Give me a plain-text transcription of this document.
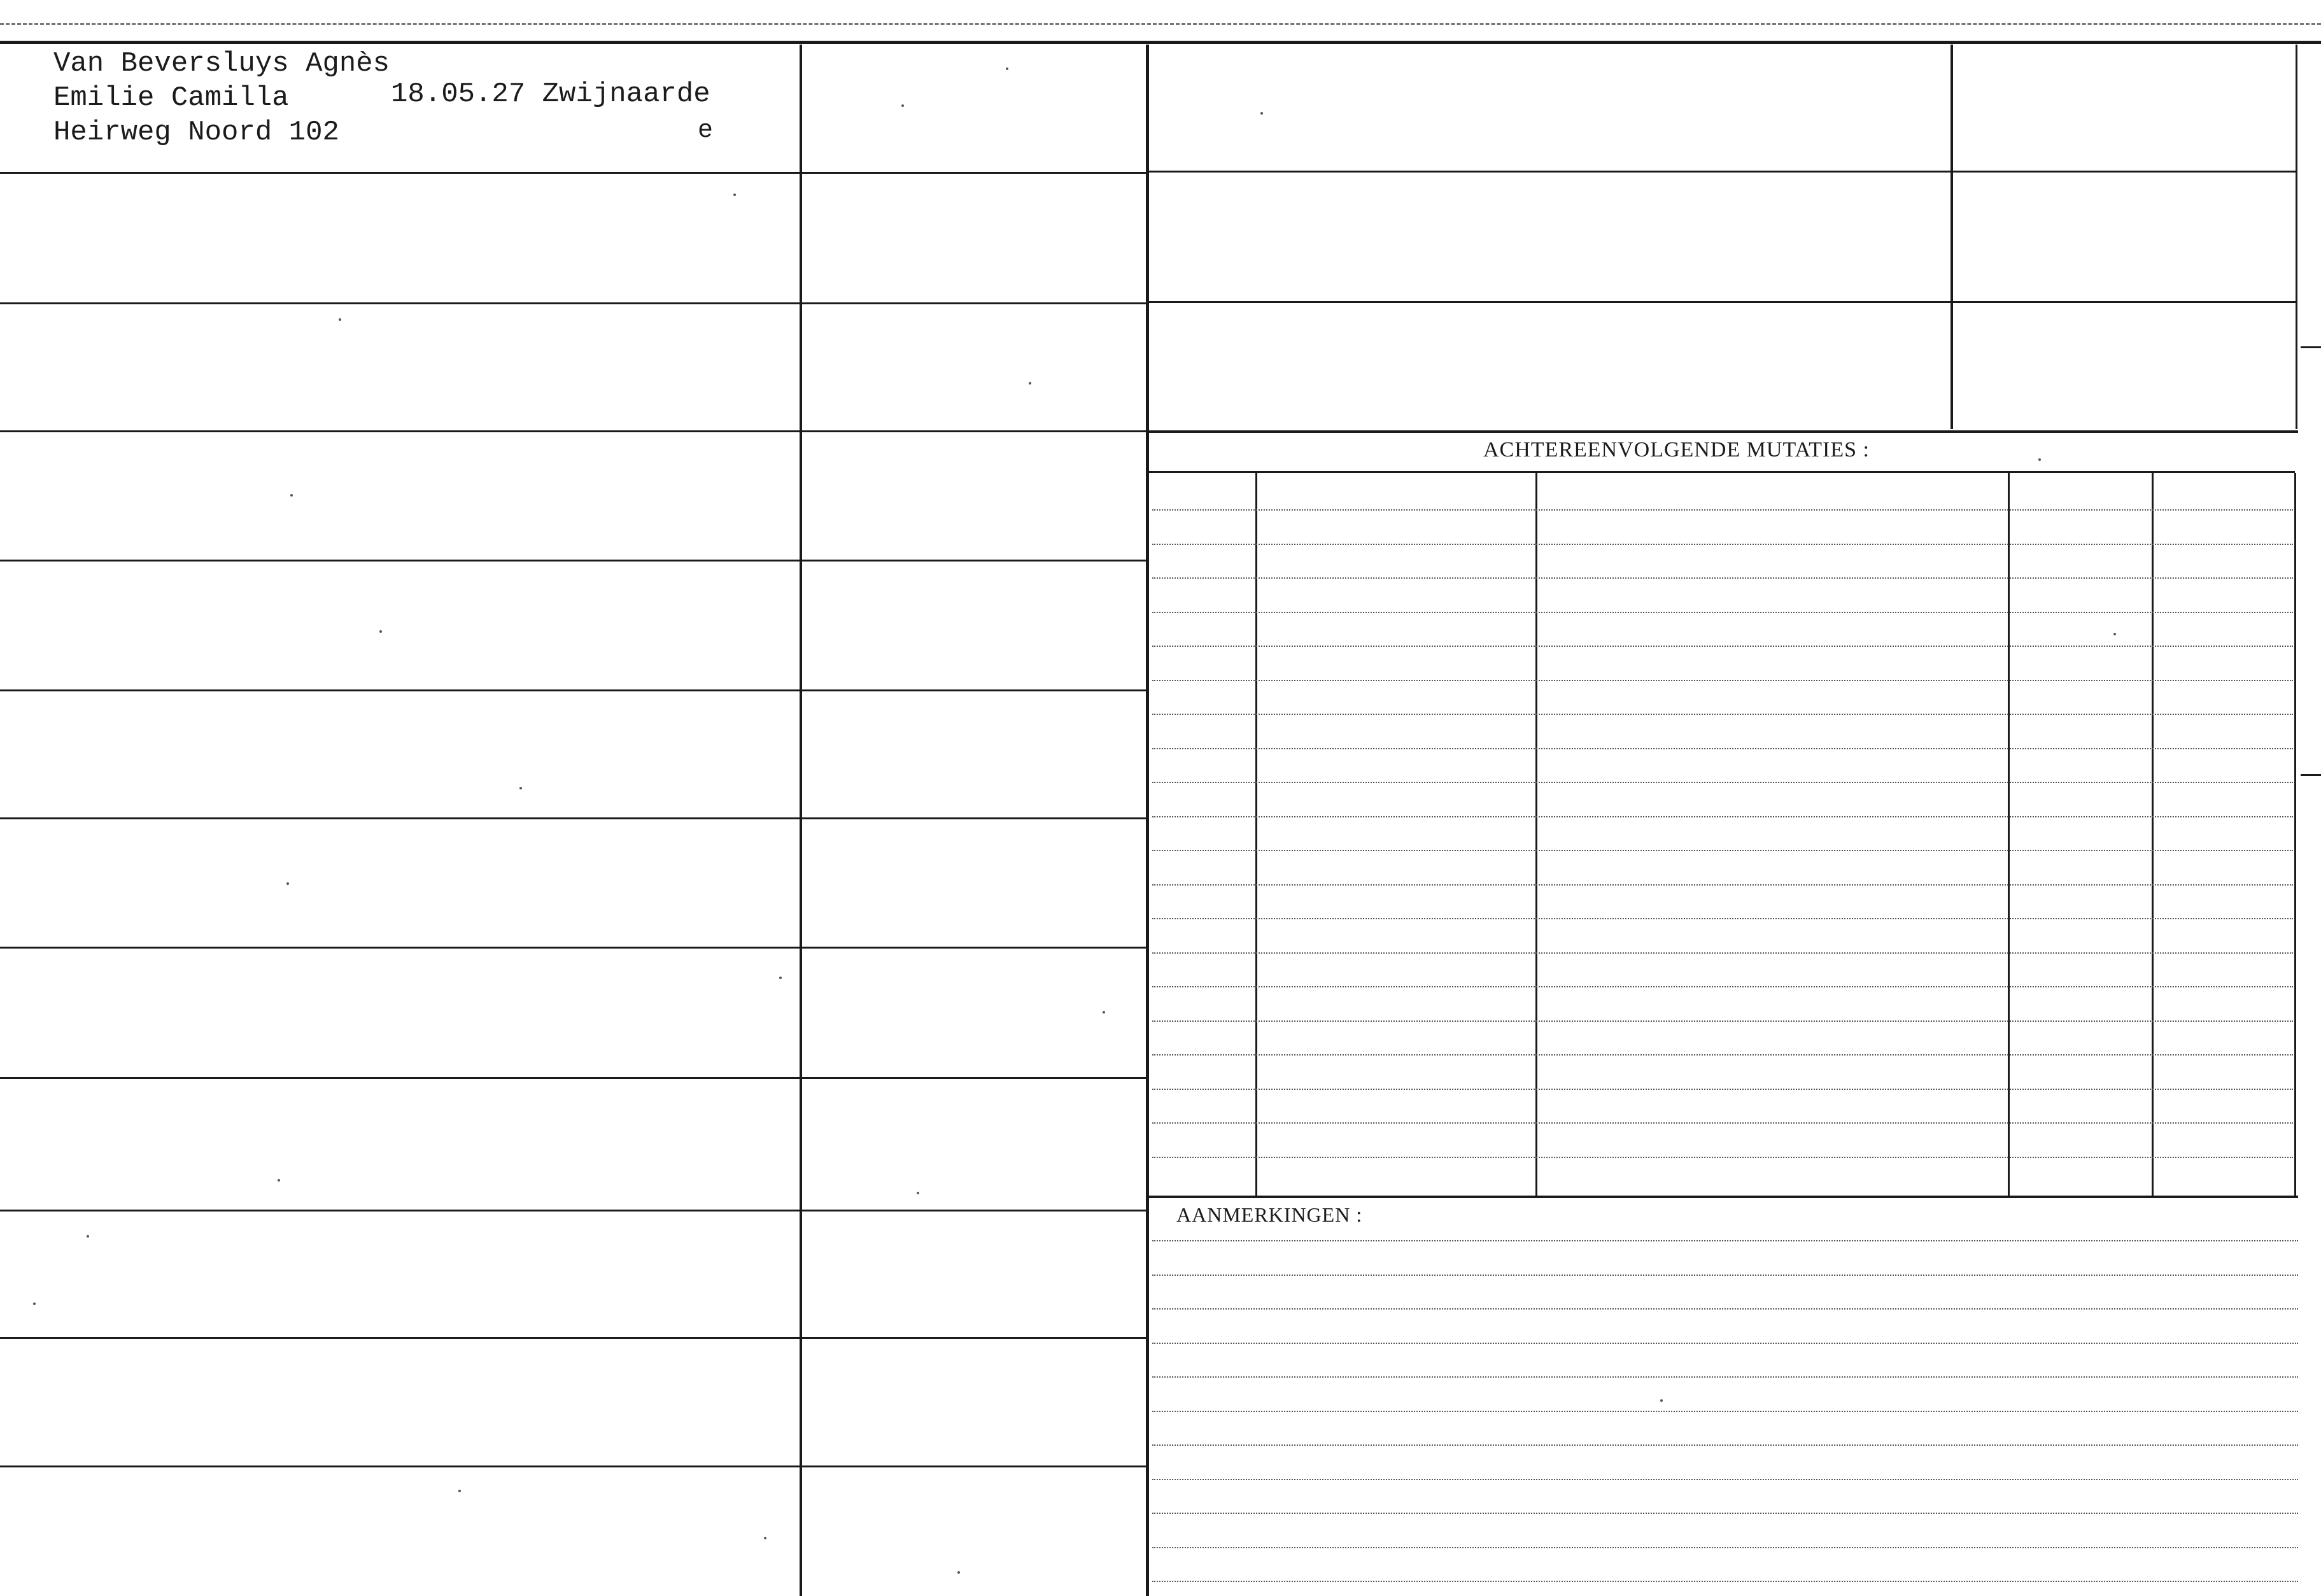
Van Beversluys Agnès
Emilie Camilla	18.05.27 Zwijnaarde
Heirweg Noord 102	e
ACHTEREENVOLGENDE MUTATIES :
AANMERKINGEN :
